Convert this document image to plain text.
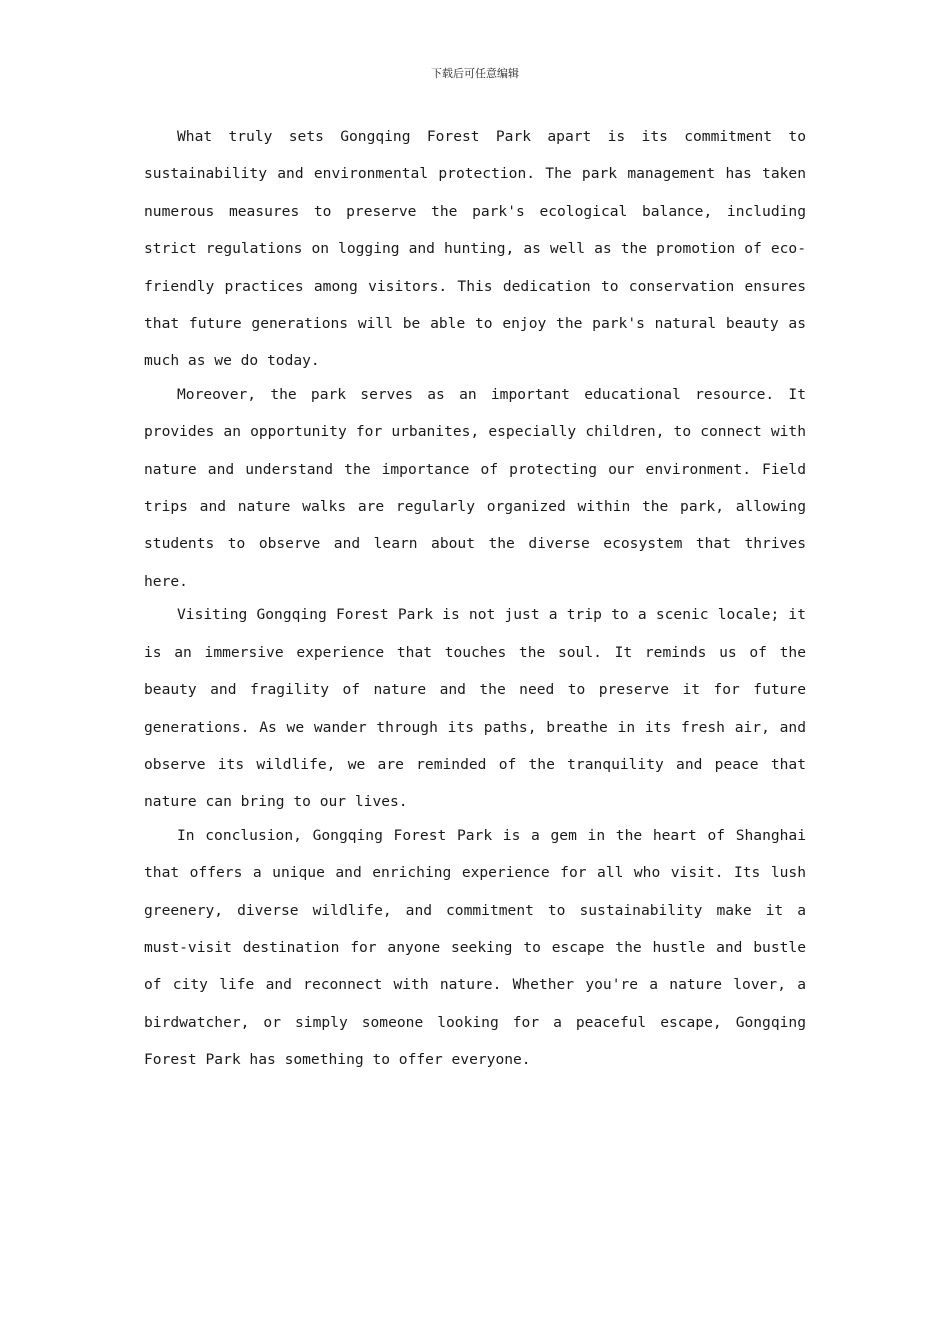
下载后可任意编辑

What truly sets Gongqing Forest Park apart is its commitment to sustainability and environmental protection. The park management has taken numerous measures to preserve the park's ecological balance, including strict regulations on logging and hunting, as well as the promotion of eco-friendly practices among visitors. This dedication to conservation ensures that future generations will be able to enjoy the park's natural beauty as much as we do today.

Moreover, the park serves as an important educational resource. It provides an opportunity for urbanites, especially children, to connect with nature and understand the importance of protecting our environment. Field trips and nature walks are regularly organized within the park, allowing students to observe and learn about the diverse ecosystem that thrives here.

Visiting Gongqing Forest Park is not just a trip to a scenic locale; it is an immersive experience that touches the soul. It reminds us of the beauty and fragility of nature and the need to preserve it for future generations. As we wander through its paths, breathe in its fresh air, and observe its wildlife, we are reminded of the tranquility and peace that nature can bring to our lives.

In conclusion, Gongqing Forest Park is a gem in the heart of Shanghai that offers a unique and enriching experience for all who visit. Its lush greenery, diverse wildlife, and commitment to sustainability make it a must-visit destination for anyone seeking to escape the hustle and bustle of city life and reconnect with nature. Whether you're a nature lover, a birdwatcher, or simply someone looking for a peaceful escape, Gongqing Forest Park has something to offer everyone.
